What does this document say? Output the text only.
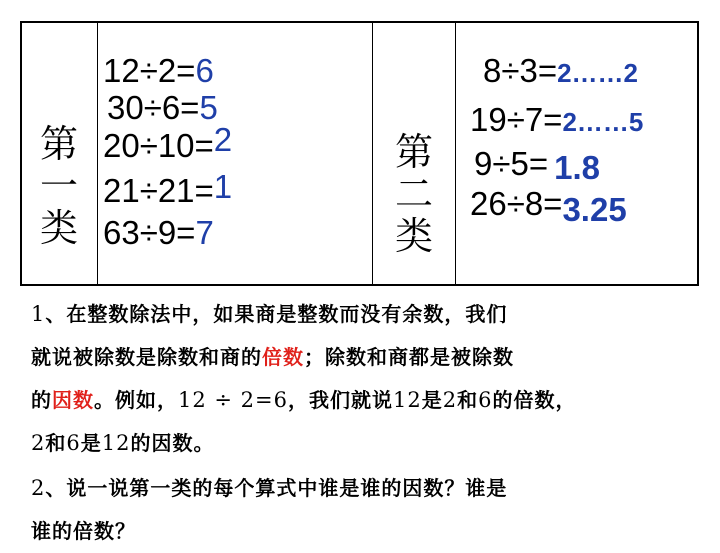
第
一
类
第
二
类
12÷2=6
30÷6=5
20÷10=2
21÷21=1
63÷9=7
8÷3=2……2
19÷7=2……5
9÷5= 1.8
26÷8=3.25
1、在整数除法中，如果商是整数而没有余数，我们
就说被除数是除数和商的倍数；除数和商都是被除数
的因数。例如，12 ÷ 2=6，我们就说12是2和6的倍数，
2和6是12的因数。
2、说一说第一类的每个算式中谁是谁的因数？谁是
谁的倍数？
